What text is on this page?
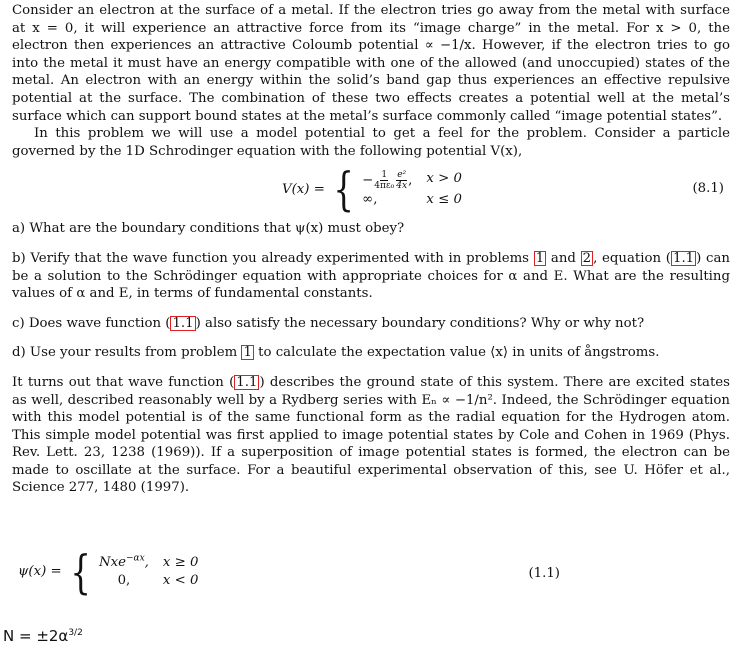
Consider an electron at the surface of a metal. If the electron tries go away from the metal with surface at x = 0, it will experience an attractive force from its “image charge” in the metal. For x > 0, the electron then experiences an attractive Coloumb potential ∝ −1/x. However, if the electron tries to go into the metal it must have an energy compatible with one of the allowed (and unoccupied) states of the metal. An electron with an energy within the solid’s band gap thus experiences an effective repulsive potential at the surface. The combination of these two effects creates a potential well at the metal’s surface which can support bound states at the metal’s surface commonly called “image potential states”.

In this problem we will use a model potential to get a feel for the problem. Consider a particle governed by the 1D Schrodinger equation with the following potential V(x),

V(x) = { − $\frac{1}{\text{4πε₀}} \frac{\text{e²}}{4x}$ , x > 0
∞,	x ≤ 0
(8.1)

a) What are the boundary conditions that ψ(x) must obey?

b) Verify that the wave function you already experimented with in problems 1 and 2 , equation ( 1.1 ) can be a solution to the Schrödinger equation with appropriate choices for α and E. What are the resulting values of α and E, in terms of fundamental constants.

c) Does wave function ( 1.1 ) also satisfy the necessary boundary conditions? Why or why not?

d) Use your results from problem 1 to calculate the expectation value ⟨x⟩ in units of ångstroms.

It turns out that wave function ( 1.1 ) describes the ground state of this system. There are excited states as well, described reasonably well by a Rydberg series with Eₙ ∝ −1/n². Indeed, the Schrödinger equation with this model potential is of the same functional form as the radial equation for the Hydrogen atom. This simple model potential was first applied to image potential states by Cole and Cohen in 1969 (Phys. Rev. Lett. 23, 1238 (1969)). If a superposition of image potential states is formed, the electron can be made to oscillate at the surface. For a beautiful experimental observation of this, see U. Höfer et al., Science 277, 1480 (1997).

ψ(x) = { Nxe$^{-\alpha x}$, x ≥ 0
0,	x < 0	(1.1)
$N = \pm 2\alpha^{3/2}$
